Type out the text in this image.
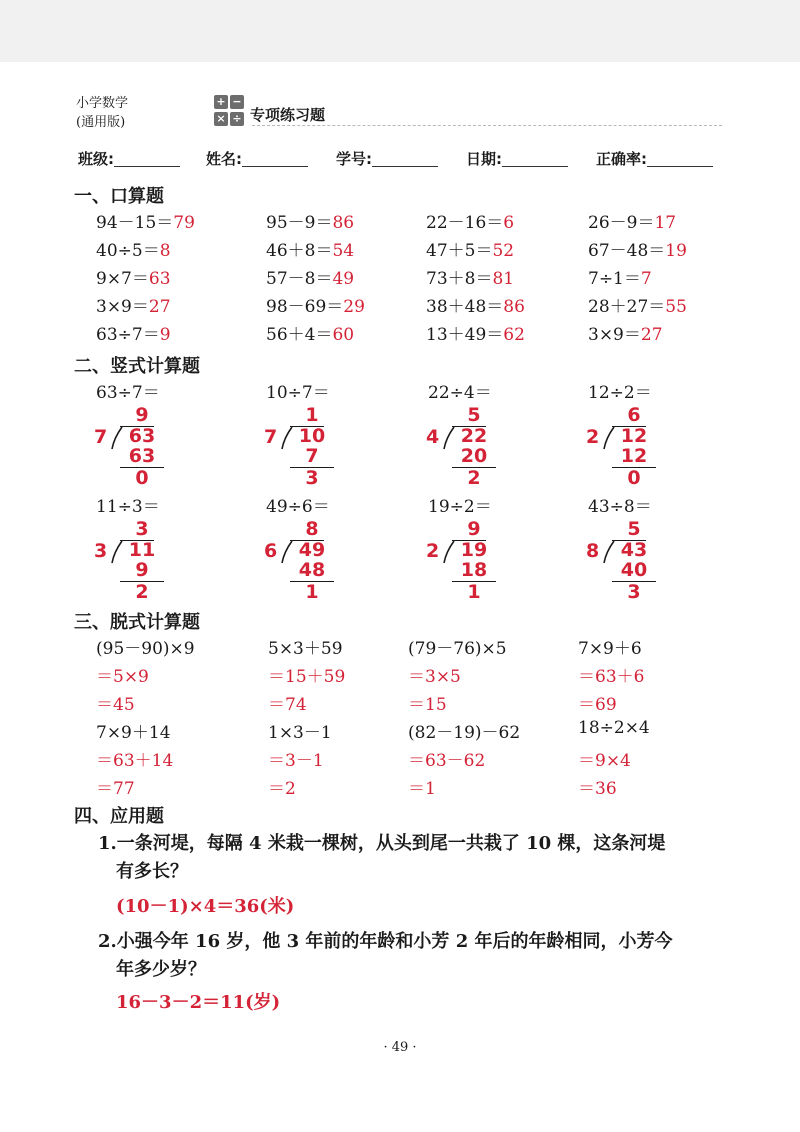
小学数学
(通用版)
+ −
× ÷ 专项练习题
班级:	姓名:	学号:	日期:	正确率:
一、口算题
94－15＝79	95－9＝86	22－16＝6	26－9＝17
40÷5＝8	46＋8＝54	47＋5＝52	67－48＝19
9×7＝63	57－8＝49	73＋8＝81	7÷1＝7
3×9＝27	98－69＝29	38＋48＝86	28＋27＝55
63÷7＝9	56＋4＝60	13＋49＝62	3×9＝27
二、竖式计算题
63÷7＝
9
7	63
63
0
10÷7＝
1
7	10
7
3
22÷4＝
5
4	22
20
2
12÷2＝
6
2	12
12
0
11÷3＝
3
3	11
9
2
49÷6＝
8
6	49
48
1
19÷2＝
9
2	19
18
1
43÷8＝
5
8	43
40
3
三、脱式计算题
(95－90)×9
＝5×9
＝45
5×3＋59
＝15＋59
＝74
(79－76)×5
＝3×5
＝15
7×9＋6
＝63＋6
＝69
7×9＋14
＝63＋14
＝77
1×3－1
＝3－1
＝2
(82－19)－62
＝63－62
＝1
18÷2×4
＝9×4
＝36
四、应用题
1.一条河堤，每隔 4 米栽一棵树，从头到尾一共栽了 10 棵，这条河堤
有多长？
(10－1)×4＝36(米)
2.小强今年 16 岁，他 3 年前的年龄和小芳 2 年后的年龄相同，小芳今
年多少岁？
16－3－2＝11(岁)
· 49 ·
